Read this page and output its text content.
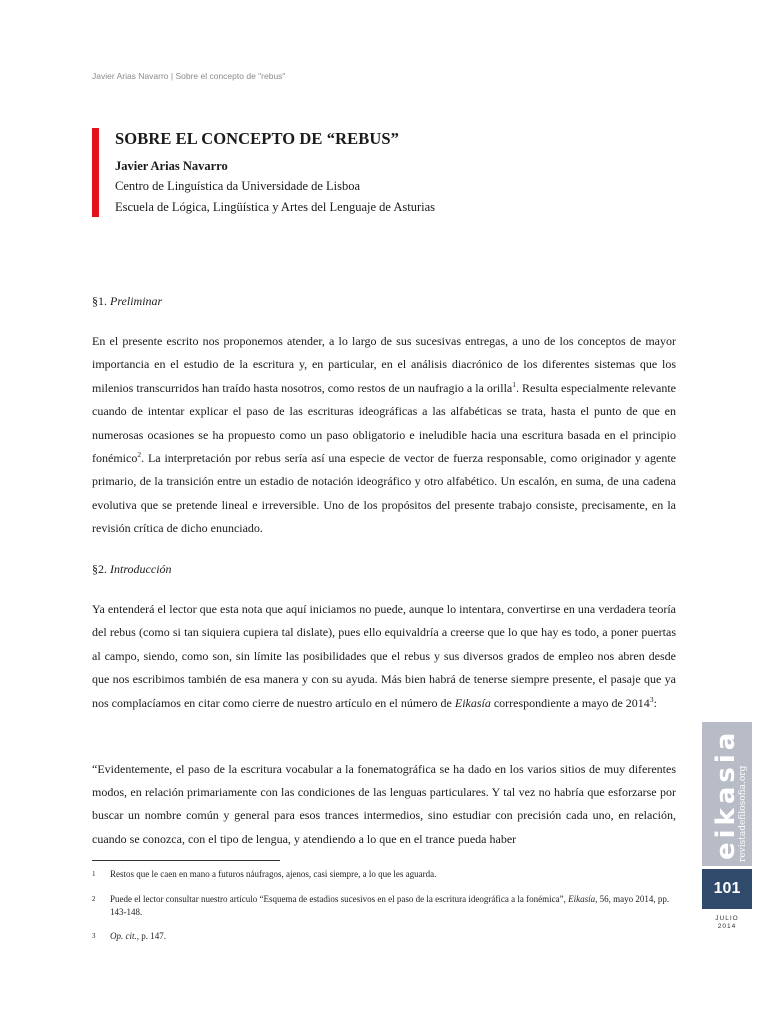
Javier Arias Navarro | Sobre el concepto de "rebus"
SOBRE EL CONCEPTO DE “REBUS”
Javier Arias Navarro
Centro de Linguística da Universidade de Lisboa
Escuela de Lógica, Lingüística y Artes del Lenguaje de Asturias
§1. Preliminar

En el presente escrito nos proponemos atender, a lo largo de sus sucesivas entregas, a uno de los conceptos de mayor importancia en el estudio de la escritura y, en particular, en el análisis diacrónico de los diferentes sistemas que los milenios transcurridos han traído hasta nosotros, como restos de un naufragio a la orilla$^1$. Resulta especialmente relevante cuando de intentar explicar el paso de las escrituras ideográficas a las alfabéticas se trata, hasta el punto de que en numerosas ocasiones se ha propuesto como un paso obligatorio e ineludible hacia una escritura basada en el principio fonémico$^2$. La interpretación por rebus sería así una especie de vector de fuerza responsable, como originador y agente primario, de la transición entre un estadio de notación ideográfico y otro alfabético. Un escalón, en suma, de una cadena evolutiva que se pretende lineal e irreversible. Uno de los propósitos del presente trabajo consiste, precisamente, en la revisión crítica de dicho enunciado.

§2. Introducción

Ya entenderá el lector que esta nota que aquí iniciamos no puede, aunque lo intentara, convertirse en una verdadera teoría del rebus (como si tan siquiera cupiera tal dislate), pues ello equivaldría a creerse que lo que hay es todo, a poner puertas al campo, siendo, como son, sin límite las posibilidades que el rebus y sus diversos grados de empleo nos abren desde que nos escribimos también de esa manera y con su ayuda. Más bien habrá de tenerse siempre presente, el pasaje que ya nos complacíamos en citar como cierre de nuestro artículo en el número de Eikasía correspondiente a mayo de 2014$^3$:

“Evidentemente, el paso de la escritura vocabular a la fonematográfica se ha dado en los varios sitios de muy diferentes modos, en relación primariamente con las condiciones de las lenguas particulares. Y tal vez no habría que esforzarse por buscar un nombre común y general para esos trances intermedios, sino estudiar con precisión cada uno, en relación, cuando se conozca, con el tipo de lengua, y atendiendo a lo que en el trance pueda haber

1 Restos que le caen en mano a futuros náufragos, ajenos, casi siempre, a lo que les aguarda.
2 Puede el lector consultar nuestro artículo “Esquema de estadios sucesivos en el paso de la escritura ideográfica a la fonémica”, Eikasía, 56, mayo 2014, pp. 143-148.
3 Op. cit., p. 147.
eikasia
revistadefilosofia.org
101
JULIO
2014
